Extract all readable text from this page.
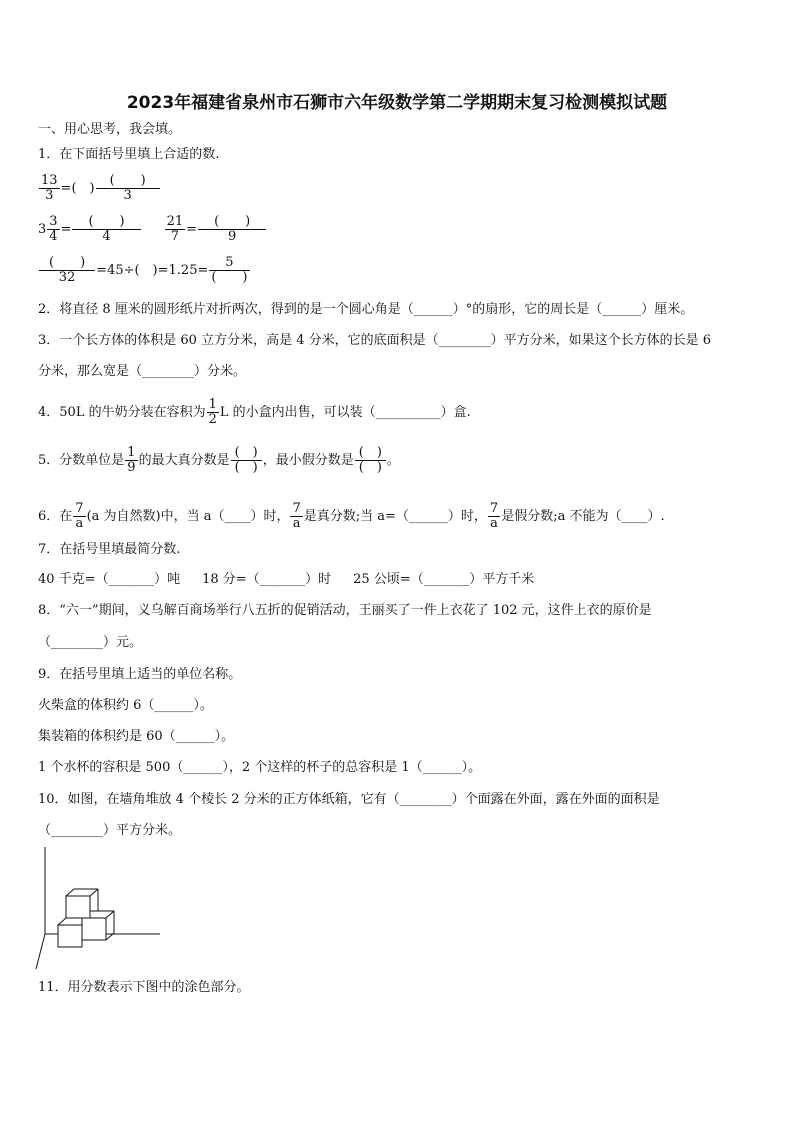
2023年福建省泉州市石狮市六年级数学第二学期期末复习检测模拟试题
一、用心思考，我会填。
1．在下面括号里填上合适的数.
$\frac{13}{3}$ =(　) $\frac{( )}{3}$
$3 \frac{3}{4} = \frac{( )}{4} \frac{21}{7} = \frac{( )}{9}$
$\frac{( )}{32} =45\div$(　)$=1.25= \frac{5}{( )}$
2．将直径 8 厘米的圆形纸片对折两次，得到的是一个圆心角是（______）°的扇形，它的周长是（______）厘米。
3．一个长方体的体积是 60 立方分米，高是 4 分米，它的底面积是（________）平方分米，如果这个长方体的长是 6
分米，那么宽是（________）分米。
4．50L 的牛奶分装在容积为 $\frac{1}{2}$ L 的小盒内出售，可以装（__________）盒.
5．分数单位是 $\frac{1}{9}$ 的最大真分数是 $\frac{( )}{( )}$ ，最小假分数是 $\frac{( )}{( )}$ 。
6．在 $\frac{7}{a} (a$ 为自然数)中，当 a（____）时， $\frac{7}{a}$ 是真分数;当 a=（______）时， $\frac{7}{a}$ 是假分数;a 不能为（____）.
7．在括号里填最简分数.
40 千克=（_______）吨 18 分=（_______）时 25 公顷=（_______）平方千米
8．“六一”期间，义乌解百商场举行八五折的促销活动，王丽买了一件上衣花了 102 元，这件上衣的原价是
（________）元。
9．在括号里填上适当的单位名称。
火柴盒的体积约 6（______）。
集装箱的体积约是 60（______）。
1 个水杯的容积是 500（______），2 个这样的杯子的总容积是 1（______）。
10．如图，在墙角堆放 4 个棱长 2 分米的正方体纸箱，它有（________）个面露在外面，露在外面的面积是
（________）平方分米。
11．用分数表示下图中的涂色部分。
